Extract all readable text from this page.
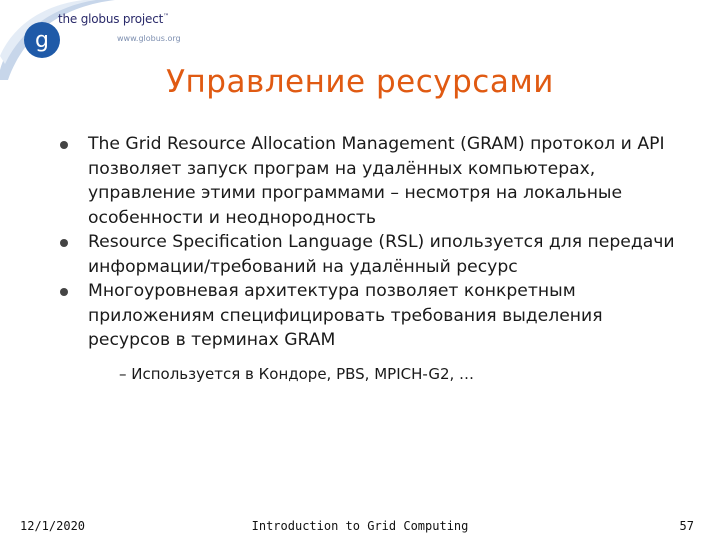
g
the globus project™
www.globus.org
Управление ресурсами
The Grid Resource Allocation Management (GRAM) протокол и API позволяет запуск програм на удалённых компьютерах, управление этими программами – несмотря на локальные особенности и неоднородность
Resource Specification Language (RSL) ипользуется для передачи информации/требований на удалённый ресурс
Многоуровневая архитектура позволяет конкретным приложениям специфицировать требования выделения ресурсов в терминах GRAM
– Используется в Кондоре, PBS, MPICH-G2, …
12/1/2020	Introduction to Grid Computing	57
